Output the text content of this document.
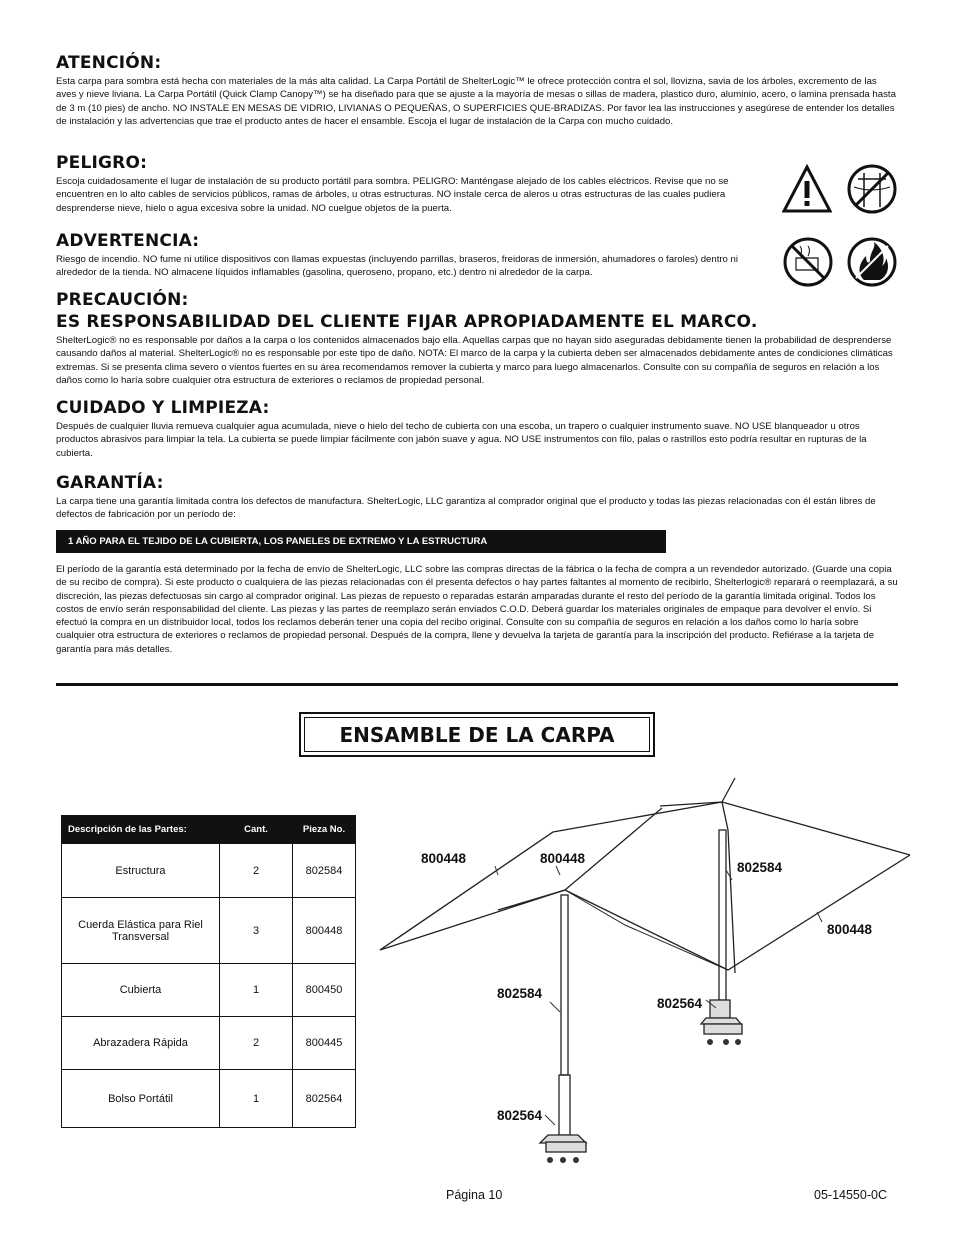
ATENCIÓN:

Esta carpa para sombra está hecha con materiales de la más alta calidad. La Carpa Portátil de ShelterLogic™ le ofrece protección contra el sol, llovizna, savia de los árboles, excremento de las aves y nieve liviana. La Carpa Portátil (Quick Clamp Canopy™) se ha diseñado para que se ajuste a la mayoría de mesas o sillas de madera, plastico duro, aluminio, acero, o lamina prensada hasta de 3 m (10 pies) de ancho. NO INSTALE EN MESAS DE VIDRIO, LIVIANAS O PEQUEÑAS, O SUPERFICIES QUE-BRADIZAS. Por favor lea las instrucciones y asegúrese de entender los detalles de instalación y las advertencias que trae el producto antes de hacer el ensamble. Escoja el lugar de instalación de la Carpa con mucho cuidado.

PELIGRO:

Escoja cuidadosamente el lugar de instalación de su producto portátil para sombra. PELIGRO: Manténgase alejado de los cables eléctricos. Revise que no se encuentren en lo alto cables de servicios públicos, ramas de árboles, u otras estructuras. NO instale cerca de aleros u otras estructuras de las cuales pudiera desprenderse nieve, hielo o agua excesiva sobre la unidad. NO cuelgue objetos de la puerta.

ADVERTENCIA:

Riesgo de incendio. NO fume ni utilice dispositivos con llamas expuestas (incluyendo parrillas, braseros, freidoras de inmersión, ahumadores o faroles) dentro ni alrededor de la tienda. NO almacene líquidos inflamables (gasolina, queroseno, propano, etc.) dentro ni alrededor de la carpa.

PRECAUCIÓN:
ES RESPONSABILIDAD DEL CLIENTE FIJAR APROPIADAMENTE EL MARCO.

ShelterLogic® no es responsable por daños a la carpa o los contenidos almacenados bajo ella. Aquellas carpas que no hayan sido aseguradas debidamente tienen la probabilidad de desprenderse causando daños al material. ShelterLogic® no es responsable por este tipo de daño. NOTA: El marco de la carpa y la cubierta deben ser almacenados debidamente antes de condiciones climáticas extremas. Si se presenta clima severo o vientos fuertes en su área recomendamos remover la cubierta y marco para luego almacenarlos. Consulte con su compañía de seguros en relación a los daños como lo haría sobre cualquier otra estructura de exteriores o reclamos de propiedad personal.

CUIDADO Y LIMPIEZA:

Después de cualquier lluvia remueva cualquier agua acumulada, nieve o hielo del techo de cubierta con una escoba, un trapero o cualquier instrumento suave. NO USE blanqueador u otros productos abrasivos para limpiar la tela. La cubierta se puede limpiar fácilmente con jabón suave y agua. NO USE instrumentos con filo, palas o rastrillos esto podría resultar en rupturas de la cubierta.

GARANTÍA:

La carpa tiene una garantía limitada contra los defectos de manufactura. ShelterLogic, LLC garantiza al comprador original que el producto y todas las piezas relacionadas con él están libres de defectos de fabricación por un período de:

1 AÑO PARA EL TEJIDO DE LA CUBIERTA, LOS PANELES DE EXTREMO Y LA ESTRUCTURA

El período de la garantía está determinado por la fecha de envío de ShelterLogic, LLC sobre las compras directas de la fábrica o la fecha de compra a un revendedor autorizado. (Guarde una copia de su recibo de compra). Si este producto o cualquiera de las piezas relacionadas con él presenta defectos o hay partes faltantes al momento de recibirlo, Shelterlogic® reparará o reemplazará, a su discreción, las piezas defectuosas sin cargo al comprador original. Las piezas de repuesto o reparadas estarán amparadas durante el resto del período de la garantía limitada original. Todos los costos de envío serán responsabilidad del cliente. Las piezas y las partes de reemplazo serán enviados C.O.D. Deberá guardar los materiales originales de empaque para devolver el envío. Si efectuó la compra en un distribuidor local, todos los reclamos deberán tener una copia del recibo original. Consulte con su compañía de seguros en relación a los daños como lo haría sobre cualquier otra estructura de exteriores o reclamos de propiedad personal. Después de la compra, llene y devuelva la tarjeta de garantía para la inscripción del producto. Refiérase a la tarjeta de garantía para más detalles.

ENSAMBLE DE LA CARPA
Descripción de las Partes:	Cant.	Pieza No.
Estructura	2	802584
Cuerda Elástica para Riel Transversal	3	800448
Cubierta	1	800450
Abrazadera Rápida	2	800445
Bolso Portátil	1	802564
800448	800448
802584
800448
802584
802564
802564
Página 10	05-14550-0C
